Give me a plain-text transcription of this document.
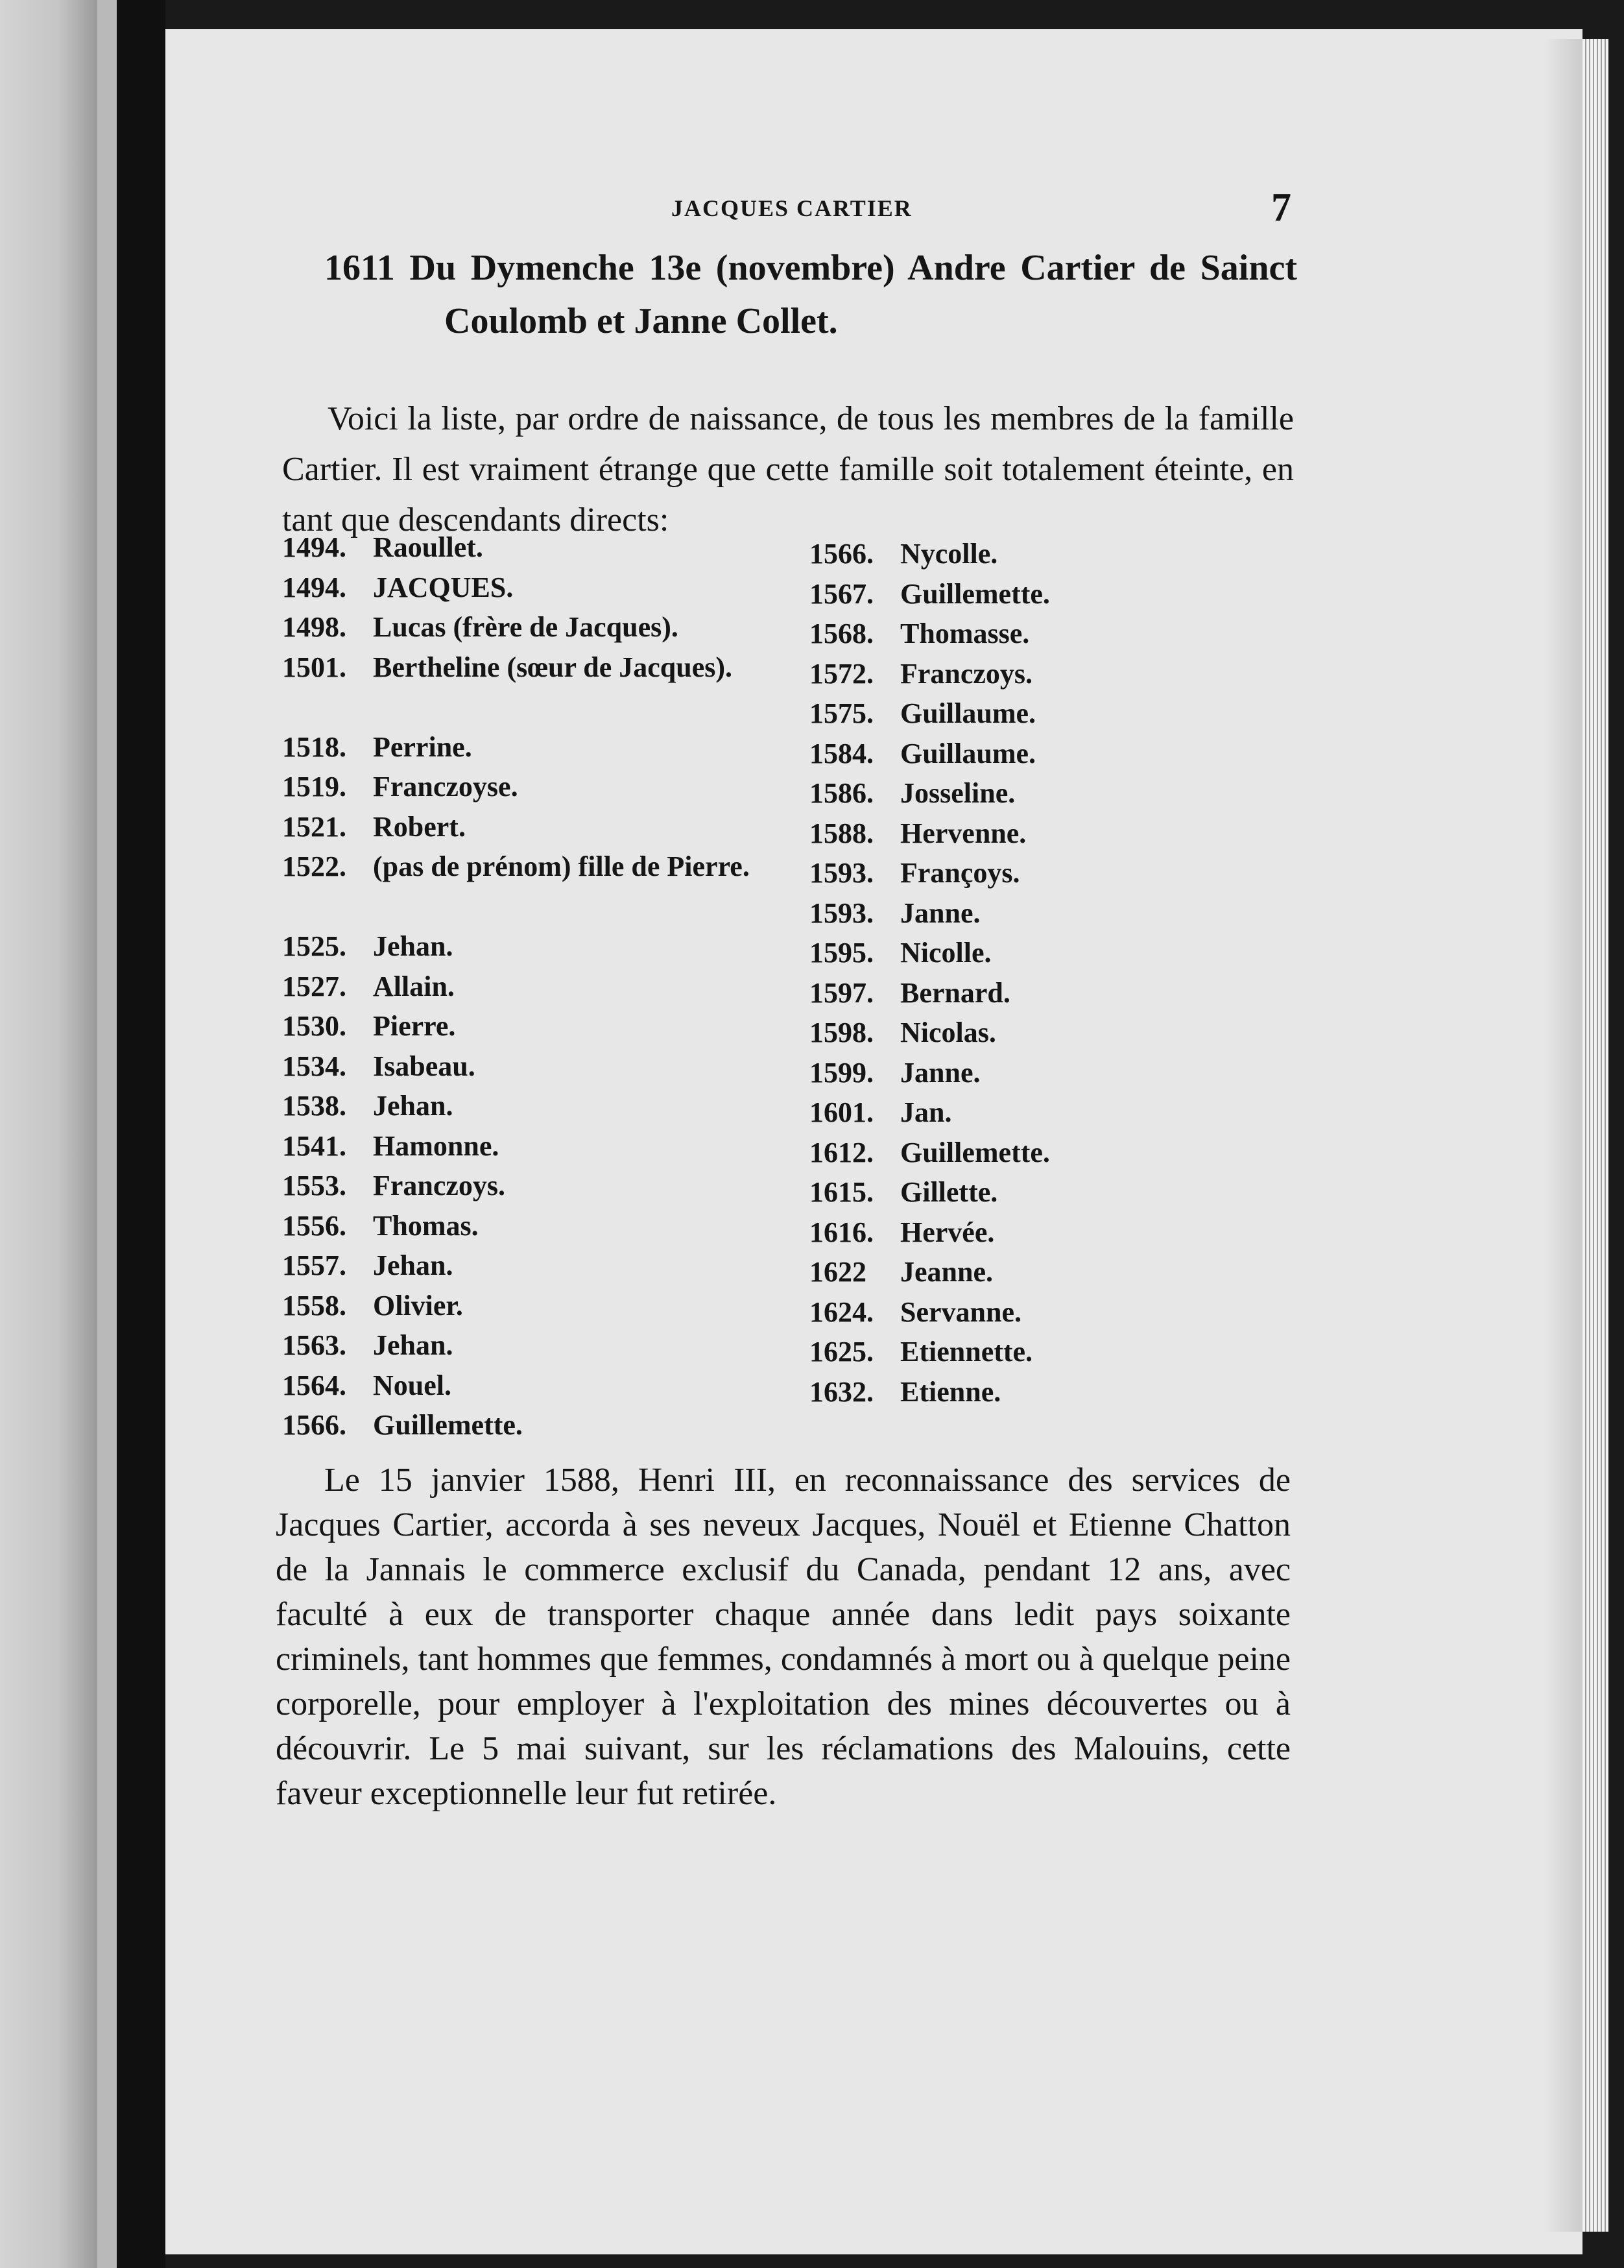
JACQUES CARTIER	7
1611 Du Dymenche 13e (novembre) Andre Cartier de Sainct
Coulomb et Janne Collet.

Voici la liste, par ordre de naissance, de tous les membres de la famille Cartier. Il est vraiment étrange que cette famille soit totalement éteinte, en tant que descendants directs:

1494. Raoullet.
1494. JACQUES.
1498. Lucas (frère de Jacques).
1501. Bertheline (sœur de Jacques).
1518. Perrine.
1519. Franczoyse.
1521. Robert.
1522. (pas de prénom) fille de Pierre.
1525. Jehan.
1527. Allain.
1530. Pierre.
1534. Isabeau.
1538. Jehan.
1541. Hamonne.
1553. Franczoys.
1556. Thomas.
1557. Jehan.
1558. Olivier.
1563. Jehan.
1564. Nouel.
1566. Guillemette.
1566. Nycolle.
1567. Guillemette.
1568. Thomasse.
1572. Franczoys.
1575. Guillaume.
1584. Guillaume.
1586. Josseline.
1588. Hervenne.
1593. Françoys.
1593. Janne.
1595. Nicolle.
1597. Bernard.
1598. Nicolas.
1599. Janne.
1601. Jan.
1612. Guillemette.
1615. Gillette.
1616. Hervée.
1622 Jeanne.
1624. Servanne.
1625. Etiennette.
1632. Etienne.

Le 15 janvier 1588, Henri III, en reconnaissance des services de Jacques Cartier, accorda à ses neveux Jacques, Nouël et Etienne Chatton de la Jannais le commerce exclusif du Canada, pendant 12 ans, avec faculté à eux de transporter chaque année dans ledit pays soixante criminels, tant hommes que femmes, condamnés à mort ou à quelque peine corporelle, pour employer à l'exploitation des mines découvertes ou à découvrir. Le 5 mai suivant, sur les réclamations des Malouins, cette faveur exceptionnelle leur fut retirée.
